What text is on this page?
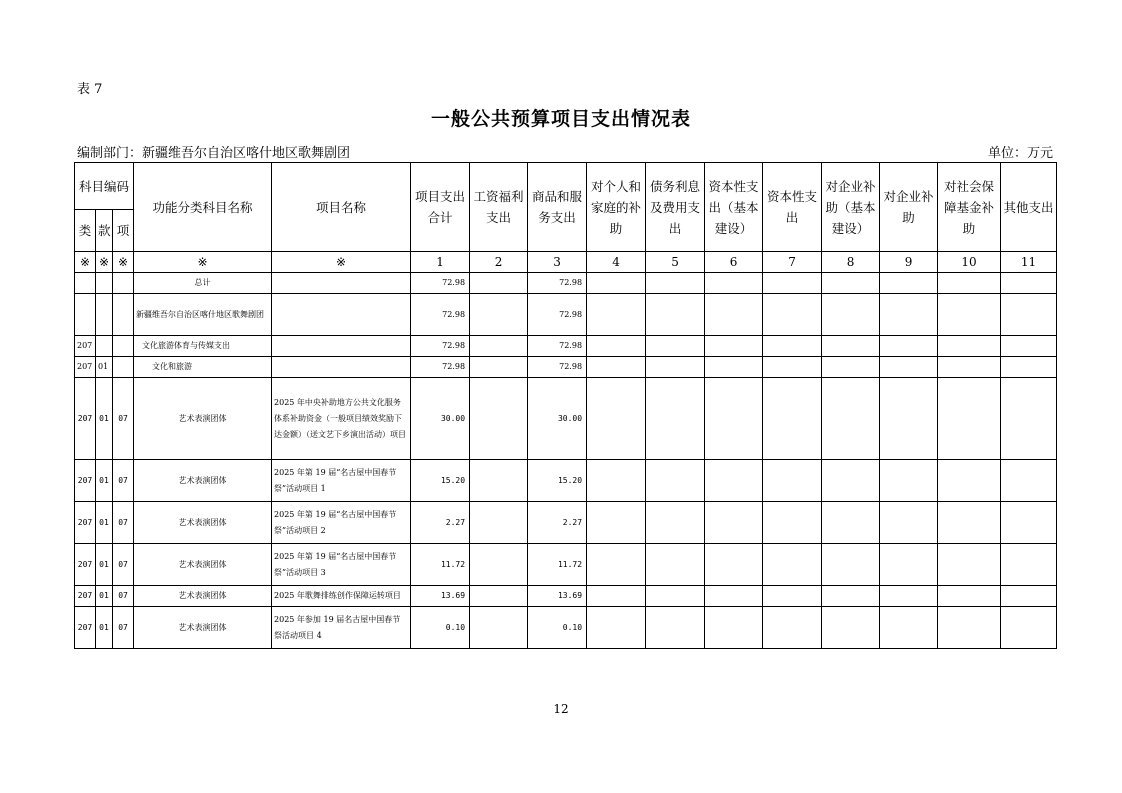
表 7
一般公共预算项目支出情况表
编制部门：新疆维吾尔自治区喀什地区歌舞剧团	单位：万元
科目编码			功能分类科目名称	项目名称	项目支出合计	工资福利支出	商品和服务支出	对个人和家庭的补助	债务利息及费用支出	资本性支出（基本建设）	资本性支出	对企业补助（基本建设）	对企业补助	对社会保障基金补助	其他支出
类	款	项													
※	※	※	※	※	1	2	3	4	5	6	7	8	9	10	11
			总计		72.98		72.98								
			新疆维吾尔自治区喀什地区歌舞剧团		72.98		72.98								
207			文化旅游体育与传媒支出		72.98		72.98								
207	01		文化和旅游		72.98		72.98								
207	01	07	艺术表演团体	2025 年中央补助地方公共文化服务体系补助资金（一般项目绩效奖励下达金额）（送文艺下乡演出活动）项目	30.00		30.00								
207	01	07	艺术表演团体	2025 年第 19 届“名古屋中国春节祭”活动项目 1	15.20		15.20								
207	01	07	艺术表演团体	2025 年第 19 届“名古屋中国春节祭”活动项目 2	2.27		2.27								
207	01	07	艺术表演团体	2025 年第 19 届“名古屋中国春节祭”活动项目 3	11.72		11.72								
207	01	07	艺术表演团体	2025 年歌舞排练创作保障运转项目	13.69		13.69								
207	01	07	艺术表演团体	2025 年参加 19 届名古屋中国春节祭活动项目 4	0.10		0.10								
12
